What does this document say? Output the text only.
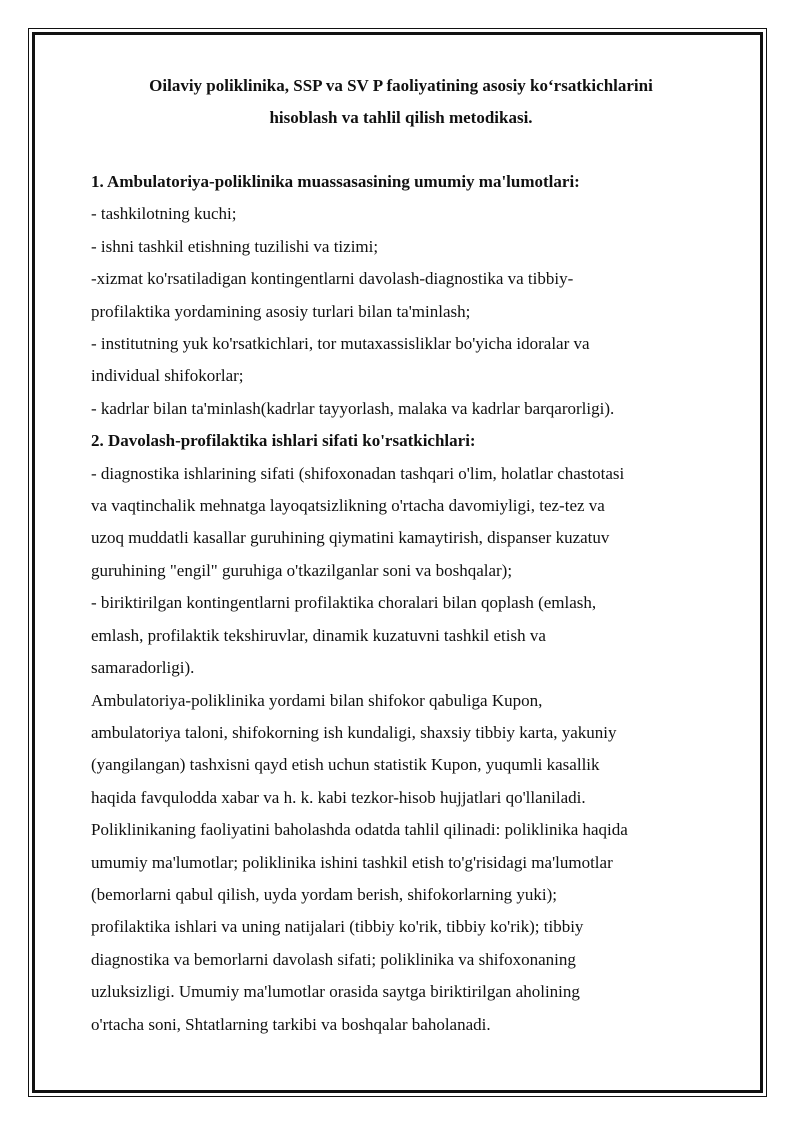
Oilaviy poliklinika, SSP va SV P faoliyatining asosiy ko‘rsatkichlarini

hisoblash va tahlil qilish metodikasi.

1. Ambulatoriya-poliklinika muassasasining umumiy ma'lumotlari:

- tashkilotning kuchi;

- ishni tashkil etishning tuzilishi va tizimi;

-xizmat ko'rsatiladigan kontingentlarni davolash-diagnostika va tibbiy-

profilaktika yordamining asosiy turlari bilan ta'minlash;

- institutning yuk ko'rsatkichlari, tor mutaxassisliklar bo'yicha idoralar va

individual shifokorlar;

- kadrlar bilan ta'minlash(kadrlar tayyorlash, malaka va kadrlar barqarorligi).

2. Davolash-profilaktika ishlari sifati ko'rsatkichlari:

- diagnostika ishlarining sifati (shifoxonadan tashqari o'lim, holatlar chastotasi

va vaqtinchalik mehnatga layoqatsizlikning o'rtacha davomiyligi, tez-tez va

uzoq muddatli kasallar guruhining qiymatini kamaytirish, dispanser kuzatuv

guruhining "engil" guruhiga o'tkazilganlar soni va boshqalar);

- biriktirilgan kontingentlarni profilaktika choralari bilan qoplash (emlash,

emlash, profilaktik tekshiruvlar, dinamik kuzatuvni tashkil etish va

samaradorligi).

Ambulatoriya-poliklinika yordami bilan shifokor qabuliga Kupon,

ambulatoriya taloni, shifokorning ish kundaligi, shaxsiy tibbiy karta, yakuniy

(yangilangan) tashxisni qayd etish uchun statistik Kupon, yuqumli kasallik

haqida favqulodda xabar va h. k. kabi tezkor-hisob hujjatlari qo'llaniladi.

Poliklinikaning faoliyatini baholashda odatda tahlil qilinadi: poliklinika haqida

umumiy ma'lumotlar; poliklinika ishini tashkil etish to'g'risidagi ma'lumotlar

(bemorlarni qabul qilish, uyda yordam berish, shifokorlarning yuki);

profilaktika ishlari va uning natijalari (tibbiy ko'rik, tibbiy ko'rik); tibbiy

diagnostika va bemorlarni davolash sifati; poliklinika va shifoxonaning

uzluksizligi. Umumiy ma'lumotlar orasida saytga biriktirilgan aholining

o'rtacha soni, Shtatlarning tarkibi va boshqalar baholanadi.
